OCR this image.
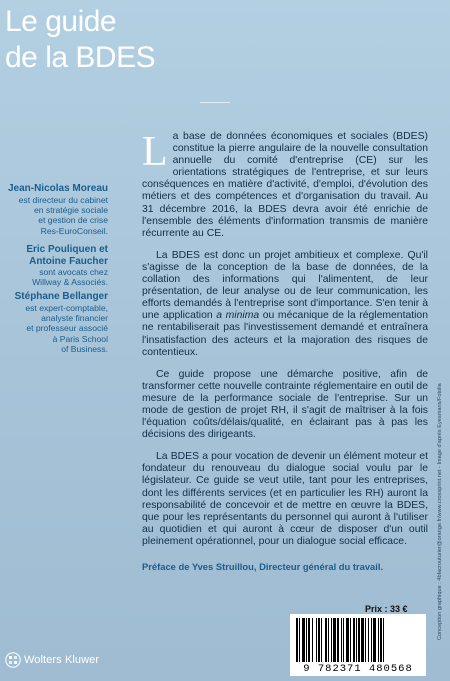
Le guide
de la BDES
Jean-Nicolas Moreau
est directeur du cabinet
en stratégie sociale
et gestion de crise
Res-EuroConseil.
Eric Pouliquen et
Antoine Faucher
sont avocats chez
Willway & Associés.
Stéphane Bellanger
est expert-comptable,
analyste financier
et professeur associé
à Paris School
of Business.

La base de données économiques et sociales (BDES) constitue la pierre angulaire de la nouvelle consultation annuelle du comité d'entreprise (CE) sur les orientations stratégiques de l'entreprise, et sur leurs conséquences en matière d'activité, d'emploi, d'évolution des métiers et des compétences et d'organisation du travail. Au 31 décembre 2016, la BDES devra avoir été enrichie de l'ensemble des éléments d'information transmis de manière récurrente au CE.

La BDES est donc un projet ambitieux et complexe. Qu'il s'agisse de la conception de la base de données, de la collation des informations qui l'alimentent, de leur présentation, de leur analyse ou de leur communication, les efforts demandés à l'entreprise sont d'importance. S'en tenir à une application a minima ou mécanique de la réglementation ne rentabiliserait pas l'investissement demandé et entraînera l'insatisfaction des acteurs et la majoration des risques de contentieux.

Ce guide propose une démarche positive, afin de transformer cette nouvelle contrainte réglementaire en outil de mesure de la performance sociale de l'entreprise. Sur un mode de gestion de projet RH, il s'agit de maîtriser à la fois l'équation coûts/délais/qualité, en éclairant pas à pas les décisions des dirigeants.

La BDES a pour vocation de devenir un élément moteur et fondateur du renouveau du dialogue social voulu par le législateur. Ce guide se veut utile, tant pour les entreprises, dont les différents services (et en particulier les RH) auront la responsabilité de concevoir et de mettre en œuvre la BDES, que pour les représentants du personnel qui auront à l'utiliser au quotidien et qui auront à cœur de disposer d'un outil pleinement opérationnel, pour un dialogue social efficace.

Préface de Yves Struillou, Directeur général du travail.	Conception graphique : 4bfacrouturier@orange.fr/www.crossprint.net - Image d'après Eyesmaris/Fotolia
Prix : 33 €
9 782371 480568
Wolters Kluwer
